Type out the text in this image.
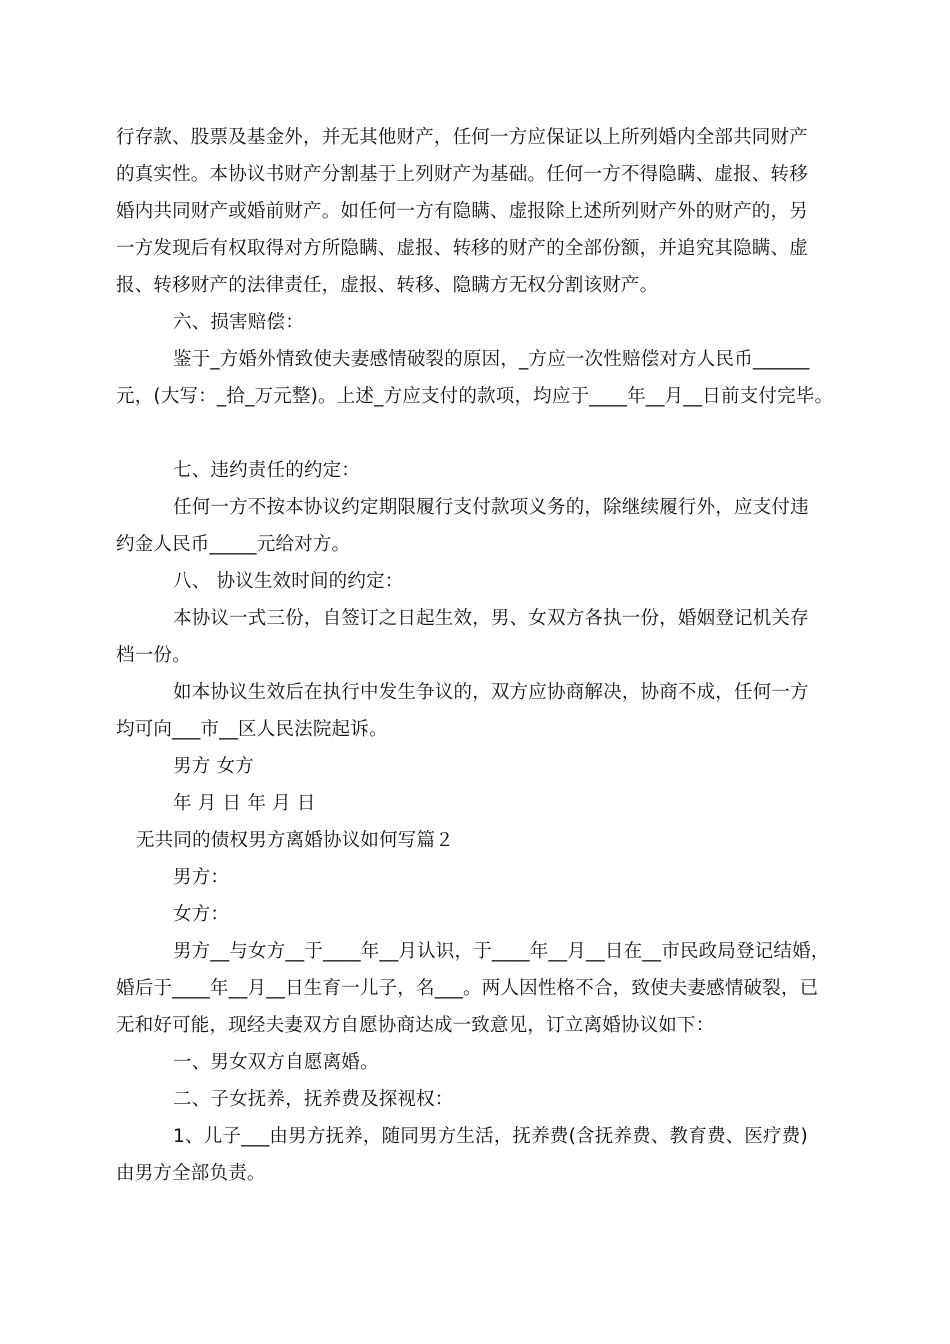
行存款、股票及基金外，并无其他财产，任何一方应保证以上所列婚内全部共同财产
的真实性。本协议书财产分割基于上列财产为基础。任何一方不得隐瞒、虚报、转移
婚内共同财产或婚前财产。如任何一方有隐瞒、虚报除上述所列财产外的财产的，另
一方发现后有权取得对方所隐瞒、虚报、转移的财产的全部份额，并追究其隐瞒、虚
报、转移财产的法律责任，虚报、转移、隐瞒方无权分割该财产。
六、损害赔偿：
鉴于_方婚外情致使夫妻感情破裂的原因，_方应一次性赔偿对方人民币______
元，(大写：_拾_万元整)。上述_方应支付的款项，均应于____年__月__日前支付完毕。
七、违约责任的约定：
任何一方不按本协议约定期限履行支付款项义务的，除继续履行外，应支付违
约金人民币_____元给对方。
八、 协议生效时间的约定：
本协议一式三份，自签订之日起生效，男、女双方各执一份，婚姻登记机关存
档一份。
如本协议生效后在执行中发生争议的，双方应协商解决，协商不成，任何一方
均可向___市__区人民法院起诉。
男方 女方
年 月 日 年 月 日
无共同的债权男方离婚协议如何写篇２
男方：
女方：
男方__与女方__于____年__月认识，于____年__月__日在__市民政局登记结婚，
婚后于____年__月__日生育一儿子，名___。两人因性格不合，致使夫妻感情破裂，已
无和好可能，现经夫妻双方自愿协商达成一致意见，订立离婚协议如下：
一、男女双方自愿离婚。
二、子女抚养，抚养费及探视权：
1、儿子___由男方抚养，随同男方生活，抚养费(含抚养费、教育费、医疗费)
由男方全部负责。
